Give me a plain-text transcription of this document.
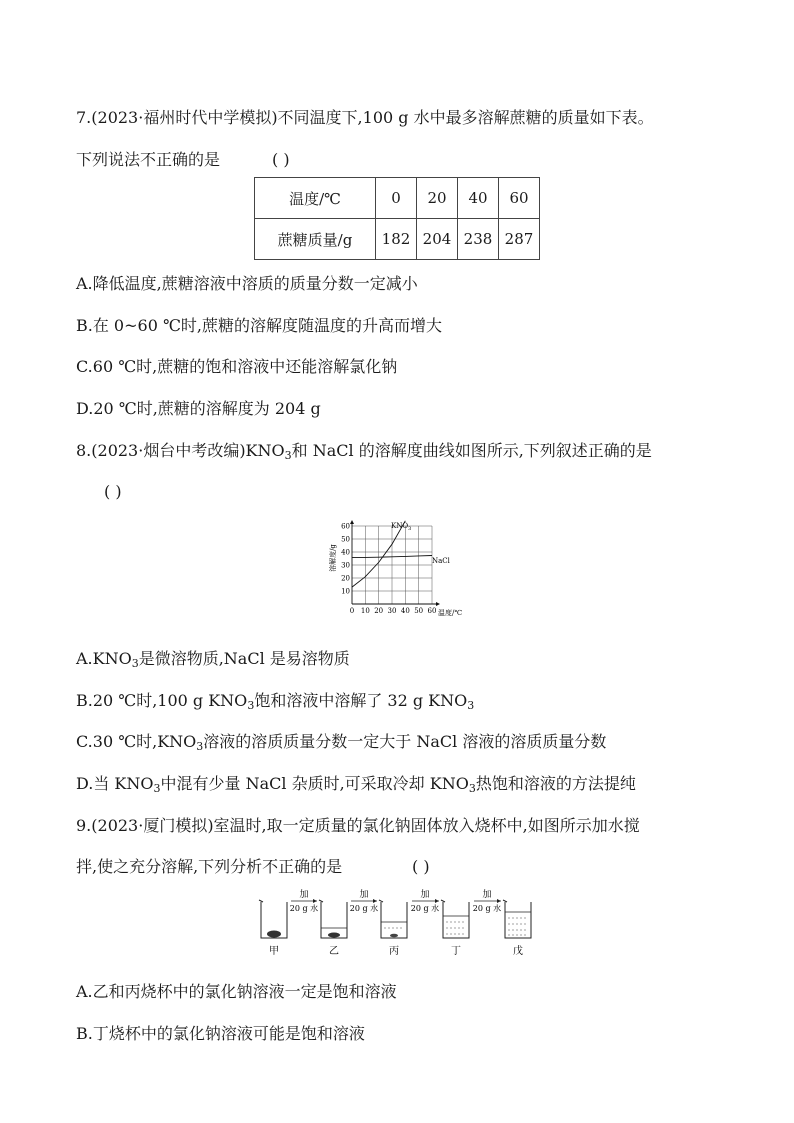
7.(2023·福州时代中学模拟)不同温度下,100 g 水中最多溶解蔗糖的质量如下表。
下列说法不正确的是	( )
温度/℃	0	20	40	60
蔗糖质量/g	182	204	238	287
A.降低温度,蔗糖溶液中溶质的质量分数一定减小
B.在 0~60 ℃时,蔗糖的溶解度随温度的升高而增大
C.60 ℃时,蔗糖的饱和溶液中还能溶解氯化钠
D.20 ℃时,蔗糖的溶解度为 204 g
8.(2023·烟台中考改编)$KNO_3$和 NaCl 的溶解度曲线如图所示,下列叙述正确的是
( )
10
20
30
40
50
60
0 10 20 30 40 50 60
溶解度/g
温度/℃
$KNO_3$
NaCl
$A.KNO_3$是微溶物质,NaCl 是易溶物质
B.20 ℃时,100 g $KNO_3$饱和溶液中溶解了 32 g $KNO_3$
C.30 ℃时$,KNO_3$溶液的溶质质量分数一定大于 NaCl 溶液的溶质质量分数
D.当 $KNO_3$中混有少量 NaCl 杂质时,可采取冷却 $KNO_3$热饱和溶液的方法提纯
9.(2023·厦门模拟)室温时,取一定质量的氯化钠固体放入烧杯中,如图所示加水搅
拌,使之充分溶解,下列分析不正确的是	( )
甲	乙	丙	丁	戊
加
20 g 水
加
20 g 水
加
20 g 水
加
20 g 水
A.乙和丙烧杯中的氯化钠溶液一定是饱和溶液
B.丁烧杯中的氯化钠溶液可能是饱和溶液
